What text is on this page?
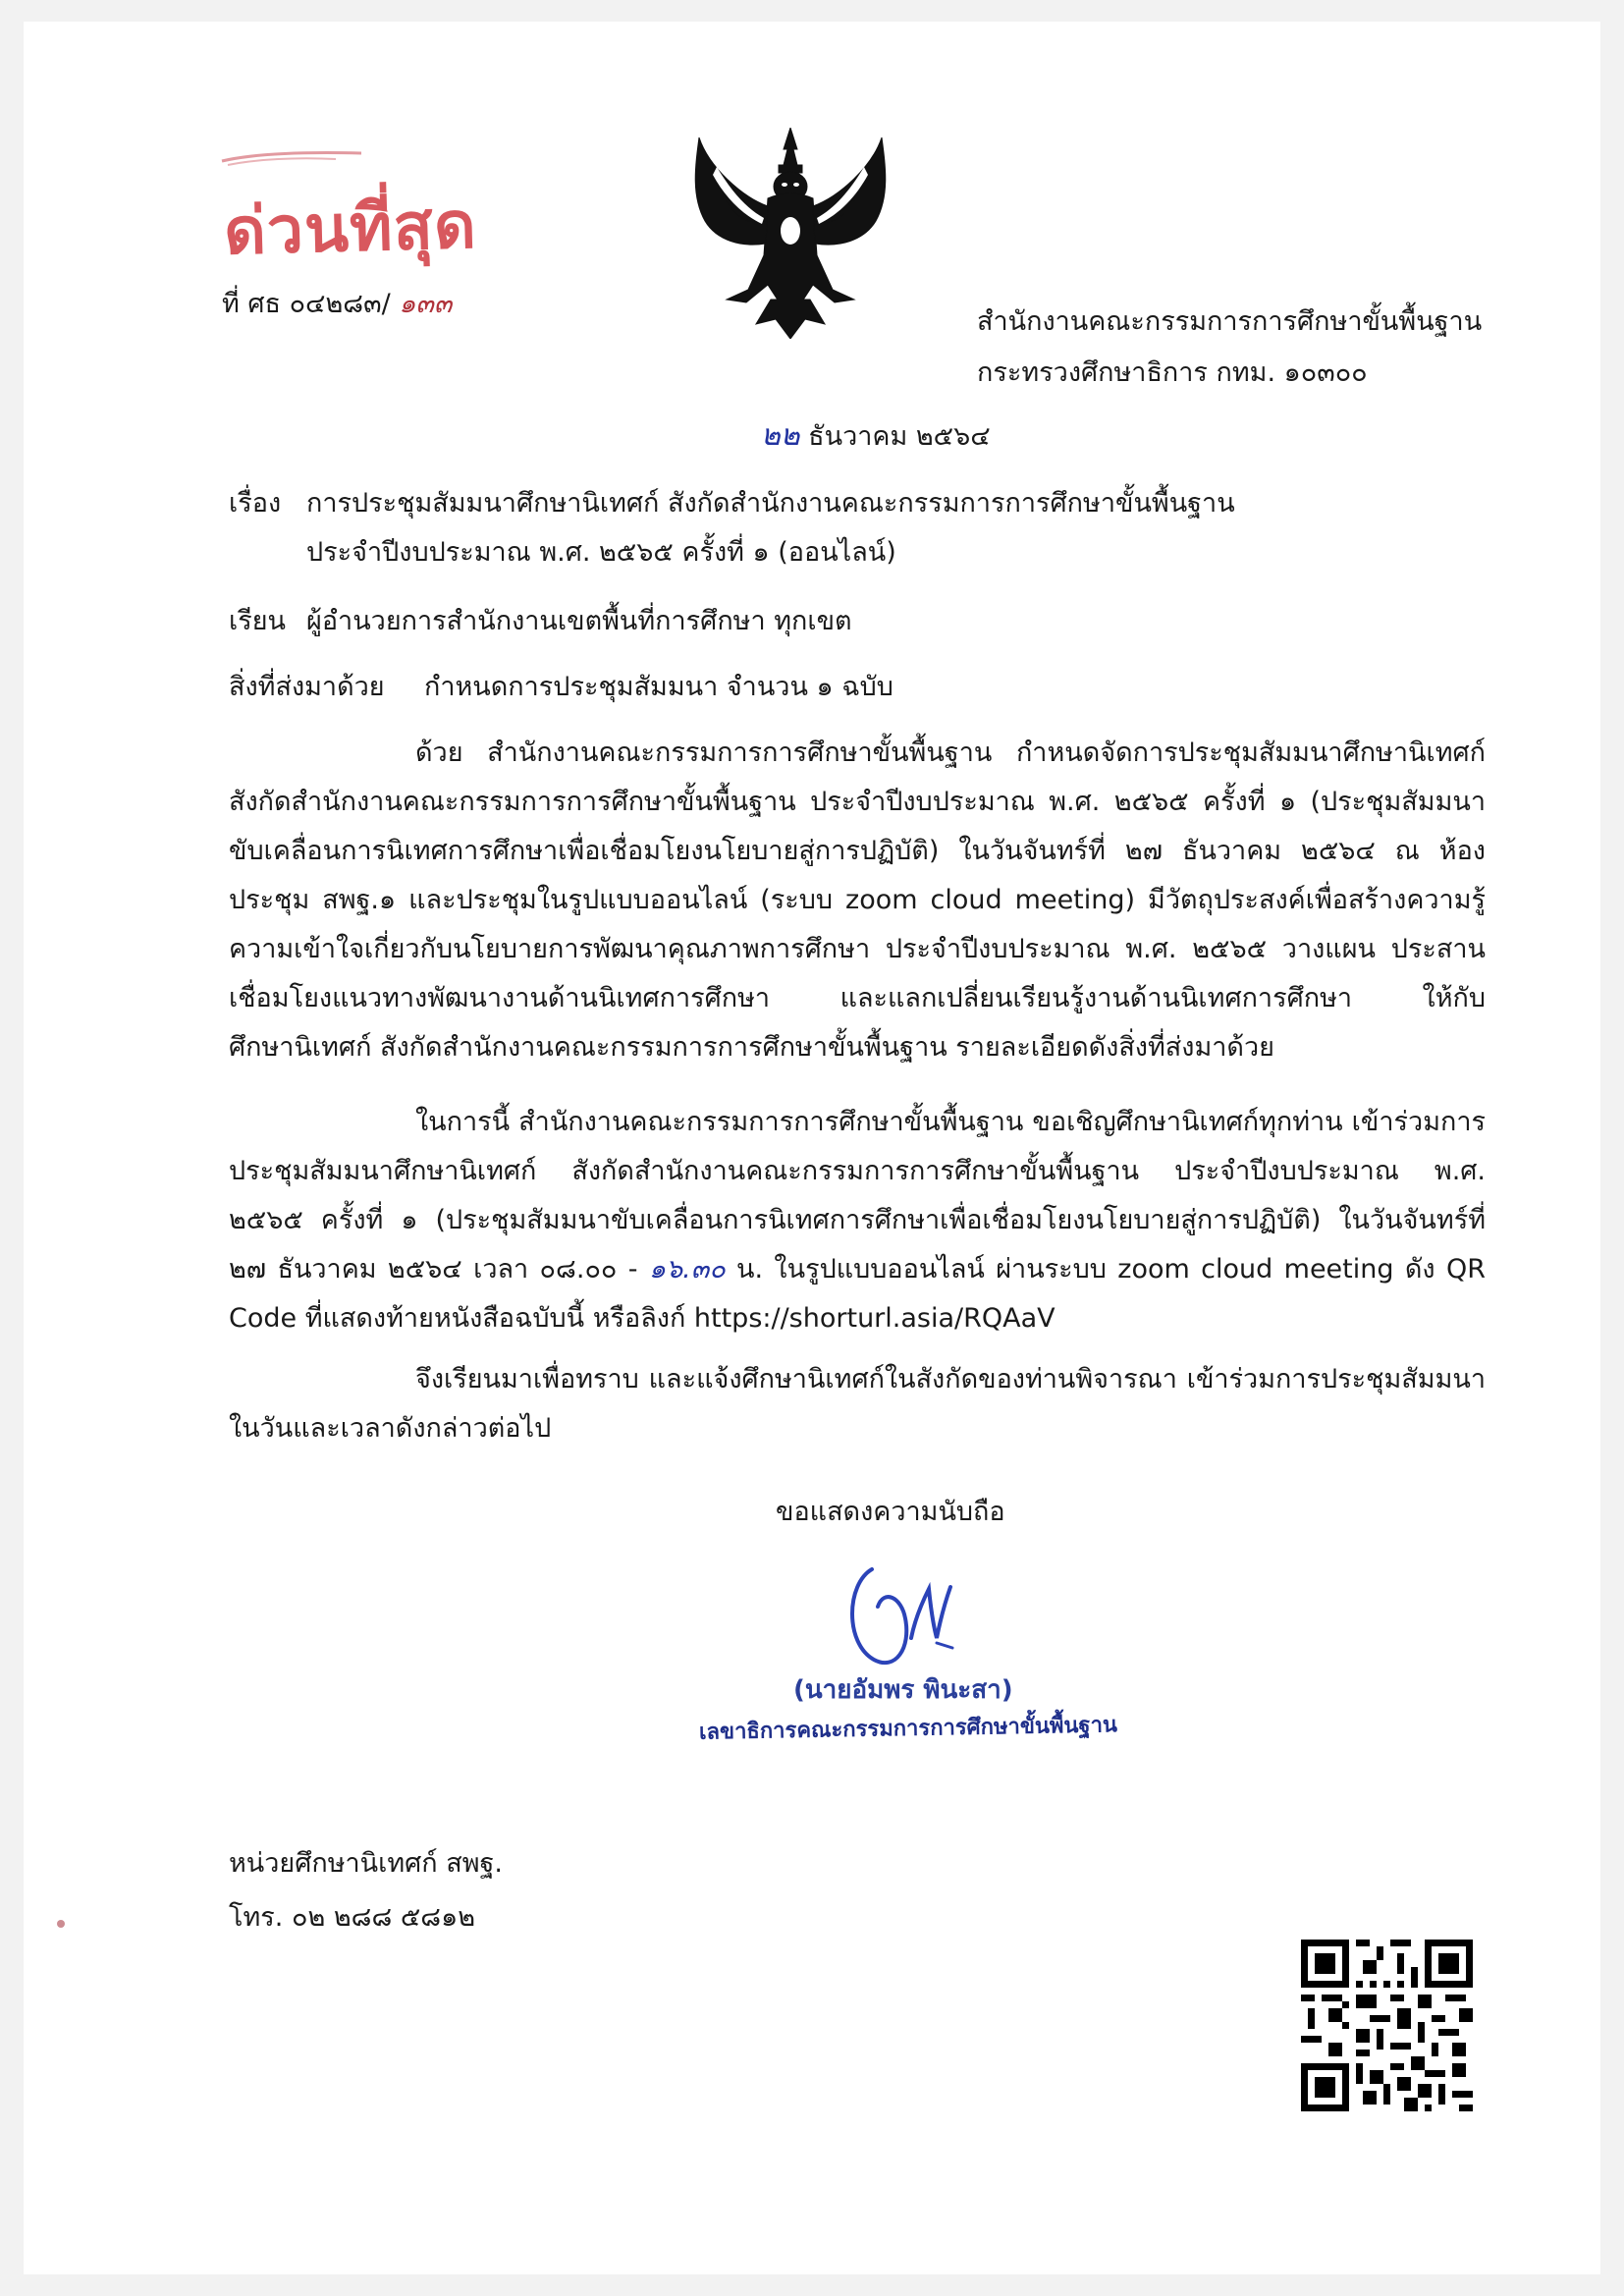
ด่วนที่สุด
ที่ ศธ ๐๔๒๘๓/ ๑๓๓
สำนักงานคณะกรรมการการศึกษาขั้นพื้นฐาน
กระทรวงศึกษาธิการ กทม. ๑๐๓๐๐
๒๒ ธันวาคม ๒๕๖๔
เรื่อง การประชุมสัมมนาศึกษานิเทศก์ สังกัดสำนักงานคณะกรรมการการศึกษาขั้นพื้นฐาน
ประจำปีงบประมาณ พ.ศ. ๒๕๖๕ ครั้งที่ ๑ (ออนไลน์)
เรียน ผู้อำนวยการสำนักงานเขตพื้นที่การศึกษา ทุกเขต
สิ่งที่ส่งมาด้วย กำหนดการประชุมสัมมนา จำนวน ๑ ฉบับ
ด้วย สำนักงานคณะกรรมการการศึกษาขั้นพื้นฐาน กำหนดจัดการประชุมสัมมนาศึกษานิเทศก์ สังกัดสำนักงานคณะกรรมการการศึกษาขั้นพื้นฐาน ประจำปีงบประมาณ พ.ศ. ๒๕๖๕ ครั้งที่ ๑ (ประชุมสัมมนาขับเคลื่อนการนิเทศการศึกษาเพื่อเชื่อมโยงนโยบายสู่การปฏิบัติ) ในวันจันทร์ที่ ๒๗ ธันวาคม ๒๕๖๔ ณ ห้องประชุม สพฐ.๑ และประชุมในรูปแบบออนไลน์ (ระบบ zoom cloud meeting) มีวัตถุประสงค์เพื่อสร้างความรู้ความเข้าใจเกี่ยวกับนโยบายการพัฒนาคุณภาพการศึกษา ประจำปีงบประมาณ พ.ศ. ๒๕๖๕ วางแผน ประสาน เชื่อมโยงแนวทางพัฒนางานด้านนิเทศการศึกษา และแลกเปลี่ยนเรียนรู้งานด้านนิเทศการศึกษา ให้กับศึกษานิเทศก์ สังกัดสำนักงานคณะกรรมการการศึกษาขั้นพื้นฐาน รายละเอียดดังสิ่งที่ส่งมาด้วย
ในการนี้ สำนักงานคณะกรรมการการศึกษาขั้นพื้นฐาน ขอเชิญศึกษานิเทศก์ทุกท่าน เข้าร่วมการประชุมสัมมนาศึกษานิเทศก์ สังกัดสำนักงานคณะกรรมการการศึกษาขั้นพื้นฐาน ประจำปีงบประมาณ พ.ศ. ๒๕๖๕ ครั้งที่ ๑ (ประชุมสัมมนาขับเคลื่อนการนิเทศการศึกษาเพื่อเชื่อมโยงนโยบายสู่การปฏิบัติ) ในวันจันทร์ที่ ๒๗ ธันวาคม ๒๕๖๔ เวลา ๐๘.๐๐ - ๑๖.๓๐ น. ในรูปแบบออนไลน์ ผ่านระบบ zoom cloud meeting ดัง QR Code ที่แสดงท้ายหนังสือฉบับนี้ หรือลิงก์ https://shorturl.asia/RQAaV
จึงเรียนมาเพื่อทราบ และแจ้งศึกษานิเทศก์ในสังกัดของท่านพิจารณา เข้าร่วมการประชุมสัมมนาในวันและเวลาดังกล่าวต่อไป
ขอแสดงความนับถือ
(นายอัมพร พินะสา)
เลขาธิการคณะกรรมการการศึกษาขั้นพื้นฐาน
หน่วยศึกษานิเทศก์ สพฐ.
โทร. ๐๒ ๒๘๘ ๕๘๑๒
